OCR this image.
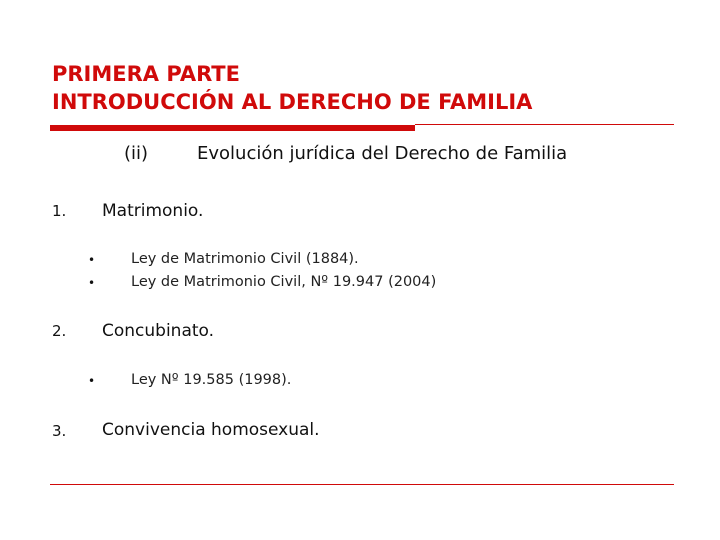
PRIMERA PARTE
INTRODUCCIÓN AL DERECHO DE FAMILIA
(ii)	Evolución jurídica del Derecho de Familia
1. Matrimonio.
• Ley de Matrimonio Civil (1884).
• Ley de Matrimonio Civil, Nº 19.947 (2004)
2. Concubinato.
• Ley Nº 19.585 (1998).
3. Convivencia homosexual.
